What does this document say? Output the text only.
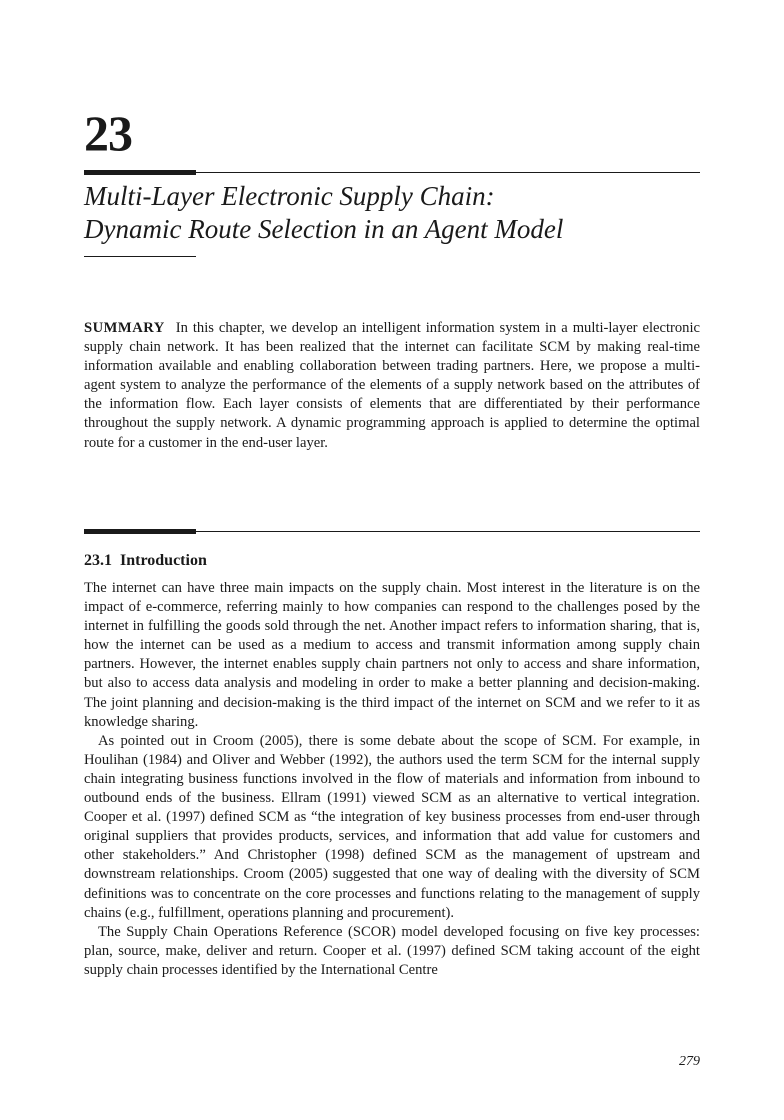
23
Multi-Layer Electronic Supply Chain:
Dynamic Route Selection in an Agent Model

SUMMARY In this chapter, we develop an intelligent information system in a multi-layer electronic supply chain network. It has been realized that the internet can facilitate SCM by making real-time information available and enabling collaboration between trading partners. Here, we propose a multi-agent system to analyze the performance of the elements of a supply network based on the attributes of the information flow. Each layer consists of elements that are differentiated by their performance throughout the supply network. A dynamic programming approach is applied to determine the optimal route for a customer in the end-user layer.

23.1 Introduction

The internet can have three main impacts on the supply chain. Most interest in the literature is on the impact of e-commerce, referring mainly to how companies can respond to the challenges posed by the internet in fulfilling the goods sold through the net. Another impact refers to information sharing, that is, how the internet can be used as a medium to access and transmit information among supply chain partners. However, the internet enables supply chain partners not only to access and share information, but also to access data analysis and modeling in order to make a better planning and decision-making. The joint planning and decision-making is the third impact of the internet on SCM and we refer to it as knowledge sharing.

As pointed out in Croom (2005), there is some debate about the scope of SCM. For example, in Houlihan (1984) and Oliver and Webber (1992), the authors used the term SCM for the internal supply chain integrating business functions involved in the flow of materials and information from inbound to outbound ends of the business. Ellram (1991) viewed SCM as an alternative to vertical integration. Cooper et al. (1997) defined SCM as “the integration of key business processes from end-user through original suppliers that provides products, services, and information that add value for customers and other stakeholders.” And Christopher (1998) defined SCM as the management of upstream and downstream relationships. Croom (2005) suggested that one way of dealing with the diversity of SCM definitions was to concentrate on the core processes and functions relating to the management of supply chains (e.g., fulfillment, operations planning and procurement).

The Supply Chain Operations Reference (SCOR) model developed focusing on five key processes: plan, source, make, deliver and return. Cooper et al. (1997) defined SCM taking account of the eight supply chain processes identified by the International Centre

279
